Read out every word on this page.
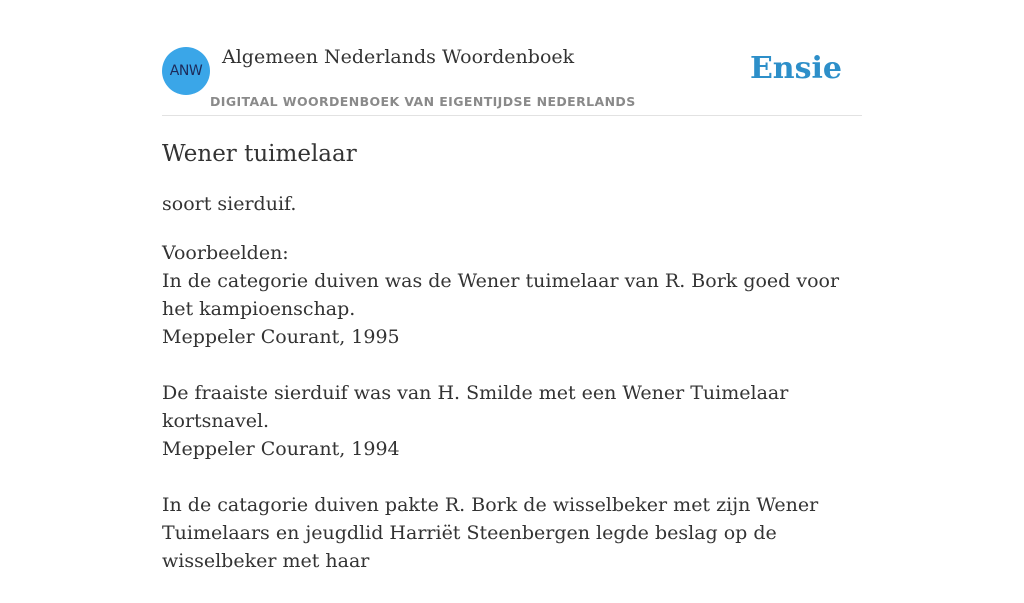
ANW
Algemeen Nederlands Woordenboek
DIGITAAL WOORDENBOEK VAN EIGENTIJDSE NEDERLANDS
Ensie
Wener tuimelaar

soort sierduif.

Voorbeelden:
In de categorie duiven was de Wener tuimelaar van R. Bork goed voor het kampioenschap.
Meppeler Courant, 1995
De fraaiste sierduif was van H. Smilde met een Wener Tuimelaar kortsnavel.
Meppeler Courant, 1994
In de catagorie duiven pakte R. Bork de wisselbeker met zijn Wener Tuimelaars en jeugdlid Harriët Steenbergen legde beslag op de wisselbeker met haar
